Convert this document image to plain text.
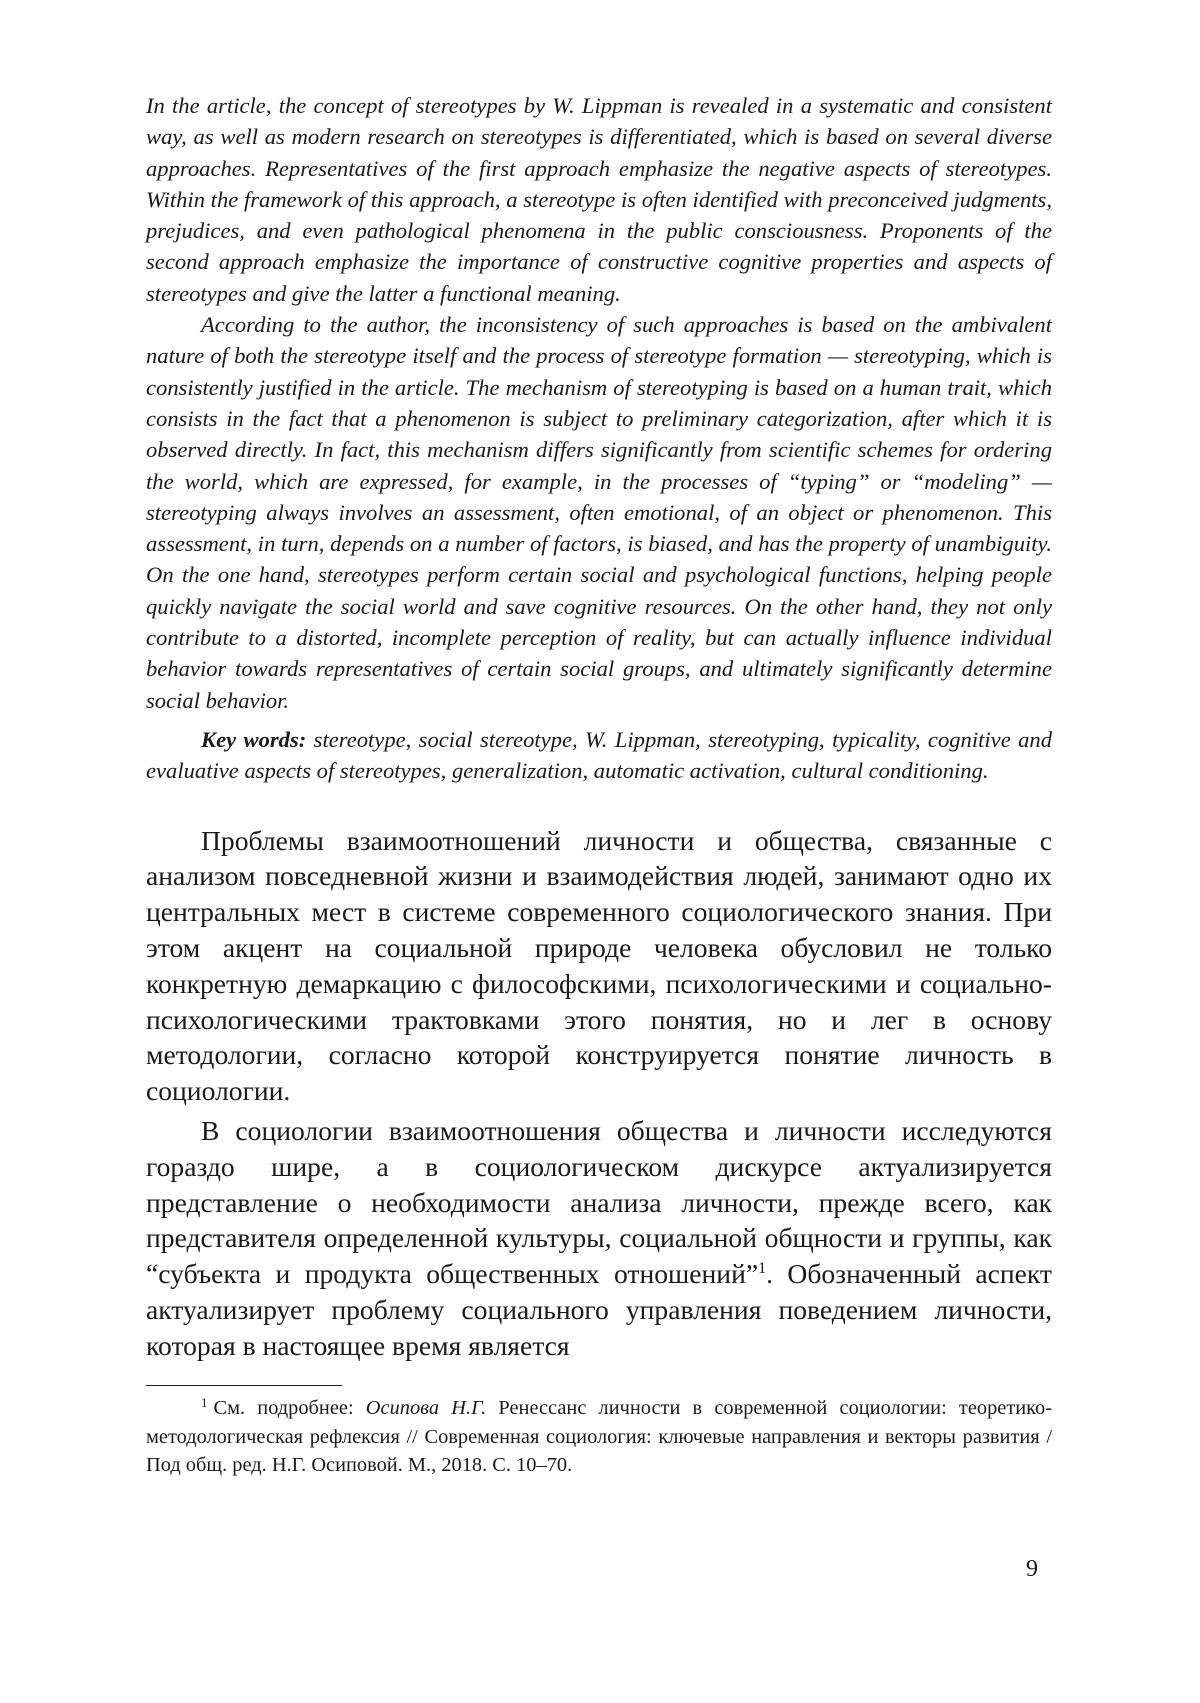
In the article, the concept of stereotypes by W. Lippman is revealed in a systematic and consistent way, as well as modern research on stereotypes is differentiated, which is based on several diverse approaches. Representatives of the first approach emphasize the negative aspects of stereotypes. Within the framework of this approach, a stereotype is often identified with preconceived judgments, prejudices, and even pathological phenomena in the public consciousness. Proponents of the second approach emphasize the importance of constructive cognitive properties and aspects of stereotypes and give the latter a functional meaning.

According to the author, the inconsistency of such approaches is based on the ambivalent nature of both the stereotype itself and the process of stereotype formation — stereotyping, which is consistently justified in the article. The mechanism of stereotyping is based on a human trait, which consists in the fact that a phenomenon is subject to preliminary categorization, after which it is observed directly. In fact, this mechanism differs significantly from scientific schemes for ordering the world, which are expressed, for example, in the processes of “typing” or “modeling” — stereotyping always involves an assessment, often emotional, of an object or phenomenon. This assessment, in turn, depends on a number of factors, is biased, and has the property of unambiguity. On the one hand, stereotypes perform certain social and psychological functions, helping people quickly navigate the social world and save cognitive resources. On the other hand, they not only contribute to a distorted, incomplete perception of reality, but can actually influence individual behavior towards representatives of certain social groups, and ultimately significantly determine social behavior.

Key words: stereotype, social stereotype, W. Lippman, stereotyping, typicality, cognitive and evaluative aspects of stereotypes, generalization, automatic activation, cultural conditioning.

Проблемы взаимоотношений личности и общества, связанные с анализом повседневной жизни и взаимодействия людей, занимают одно их центральных мест в системе современного социологического знания. При этом акцент на социальной природе человека обусловил не только конкретную демаркацию с философскими, психологическими и социально-психологическими трактовками этого понятия, но и лег в основу методологии, согласно которой конструируется понятие личность в социологии.

В социологии взаимоотношения общества и личности исследуются гораздо шире, а в социологическом дискурсе актуализируется представление о необходимости анализа личности, прежде всего, как представителя определенной культуры, социальной общности и группы, как “субъекта и продукта общественных отношений”$^1$. Обозначенный аспект актуализирует проблему социального управления поведением личности, которая в настоящее время является

$^1$ См. подробнее: Осипова Н.Г. Ренессанс личности в современной социологии: теоретико-методологическая рефлексия // Современная социология: ключевые направления и векторы развития / Под общ. ред. Н.Г. Осиповой. М., 2018. С. 10–70.

9
